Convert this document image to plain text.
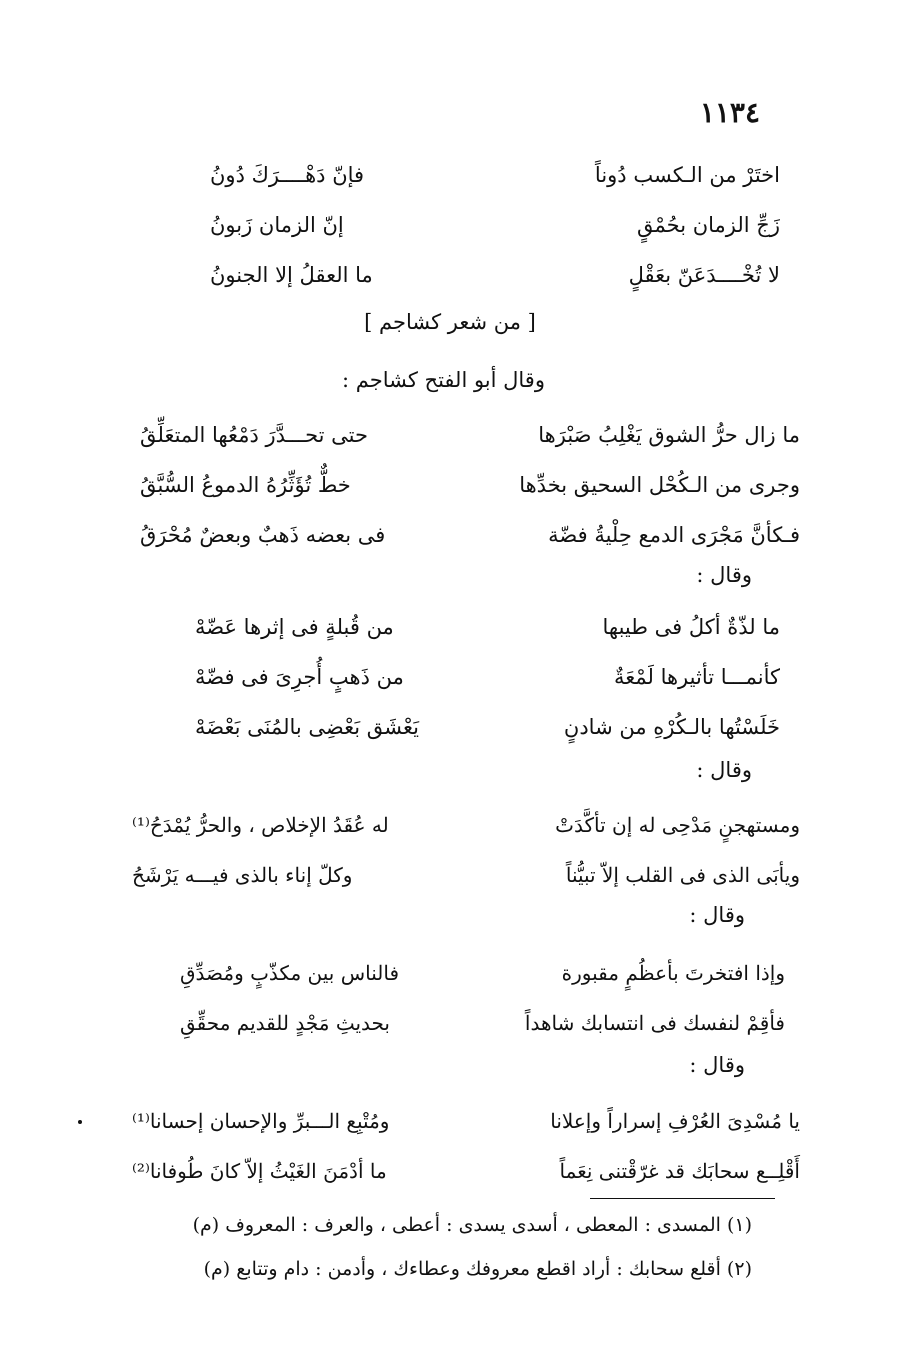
١١٣٤
اختَرْ من الـكسب دُوناً
فإنّ دَهْــــرَكَ دُونُ
زَجِّ الزمان بحُمْقٍ
إنّ الزمان زَبونُ
لا تُخْــــدَعَنّ بعَقْلٍ
ما العقلُ إلا الجنونُ
[ من شعر كشاجم ]
وقال أبو الفتح كشاجم :
ما زال حرُّ الشوق يَغْلِبُ صَبْرَها
حتى تحـــدَّرَ دَمْعُها المتعَلِّقُ
وجرى من الـكُحْل السحيق بخدِّها
خطٌّ تُؤَثِّرُهُ الدموعُ السُّبَّقُ
فـكأنَّ مَجْرَى الدمع حِلْيةُ فضّة
فى بعضه ذَهبٌ وبعضٌ مُحْرَقُ
وقال :
ما لذّةٌ أكلُ فى طيبها
من قُبلةٍ فى إثرها عَضّهْ
كأنمـــا تأثيرها لَمْعَةٌ
من ذَهبٍ أُجرِىَ فى فضّهْ
خَلَسْتُها بالـكُرْهِ من شادنٍ
يَعْشَق بَعْضِى بالمُنَى بَعْضَهْ
وقال :
ومستهجنٍ مَدْحِى له إن تأكَّدَتْ
له عُقَدُ الإخلاص ، والحرُّ يُمْدَحُ⁽¹⁾
ويأبَى الذى فى القلب إلاّ تبيُّناً
وكلّ إناء بالذى فيـــه يَرْشَحُ
وقال :
وإذا افتخرتَ بأعظُمٍ مقبورة
فالناس بين مكذّبٍ ومُصَدِّقِ
فأقِمْ لنفسك فى انتسابك شاهداً
بحديثِ مَجْدٍ للقديم محقِّقِ
وقال :
يا مُسْدِىَ العُرْفِ إسراراً وإعلانا
ومُتْبِع الـــبرِّ والإحسان إحسانا⁽¹⁾
أَقْلِــع سحابَك قد غرّقْتنى نِعَماً
ما أدْمَنَ الغَيْثُ إلاّ كانَ طُوفانا⁽²⁾
(١) المسدى : المعطى ، أسدى يسدى : أعطى ، والعرف : المعروف (م)
(٢) أقلع سحابك : أراد اقطع معروفك وعطاءك ، وأدمن : دام وتتابع (م)
